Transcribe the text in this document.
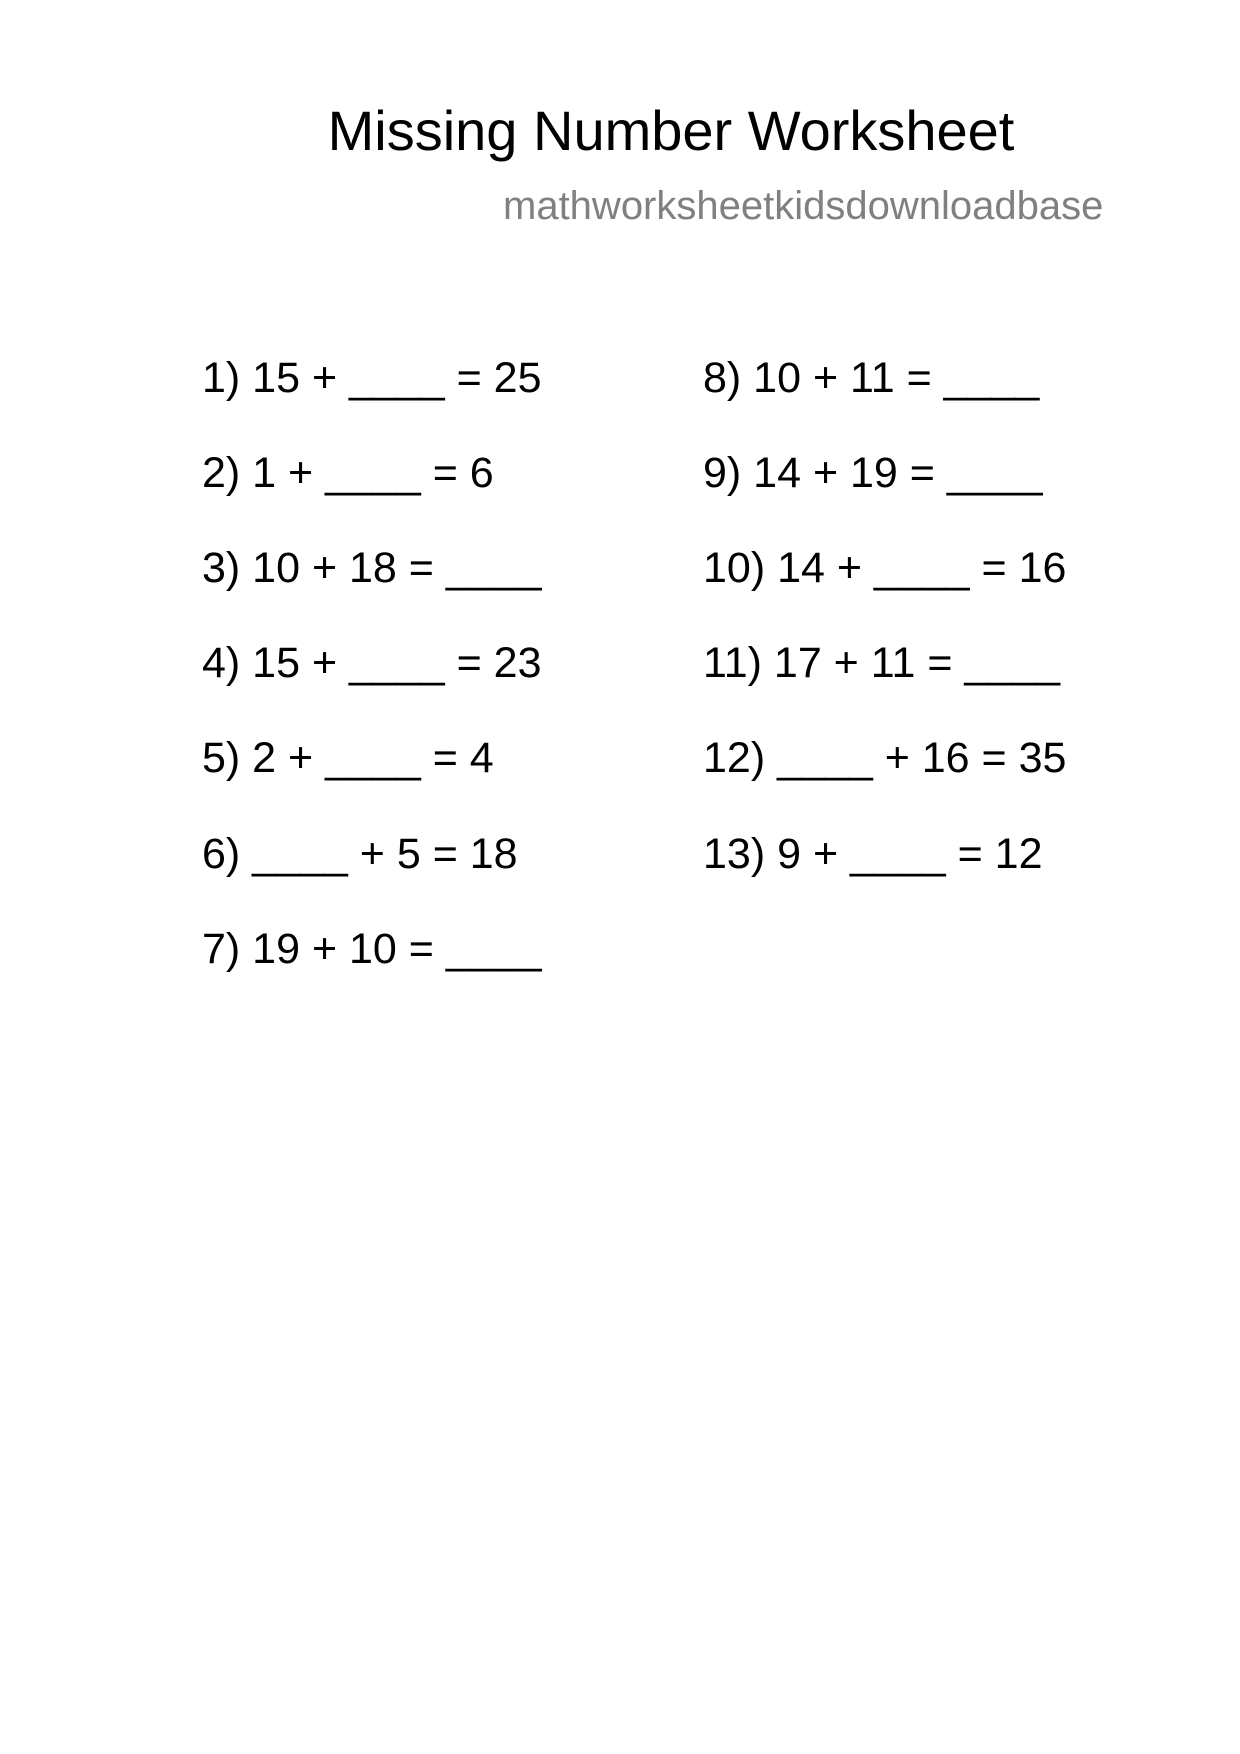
Missing Number Worksheet
mathworksheetkidsdownloadbase
1) 15 + ____ = 25
2) 1 + ____ = 6
3) 10 + 18 = ____
4) 15 + ____ = 23
5) 2 + ____ = 4
6) ____ + 5 = 18
7) 19 + 10 = ____
8) 10 + 11 = ____
9) 14 + 19 = ____
10) 14 + ____ = 16
11) 17 + 11 = ____
12) ____ + 16 = 35
13) 9 + ____ = 12
